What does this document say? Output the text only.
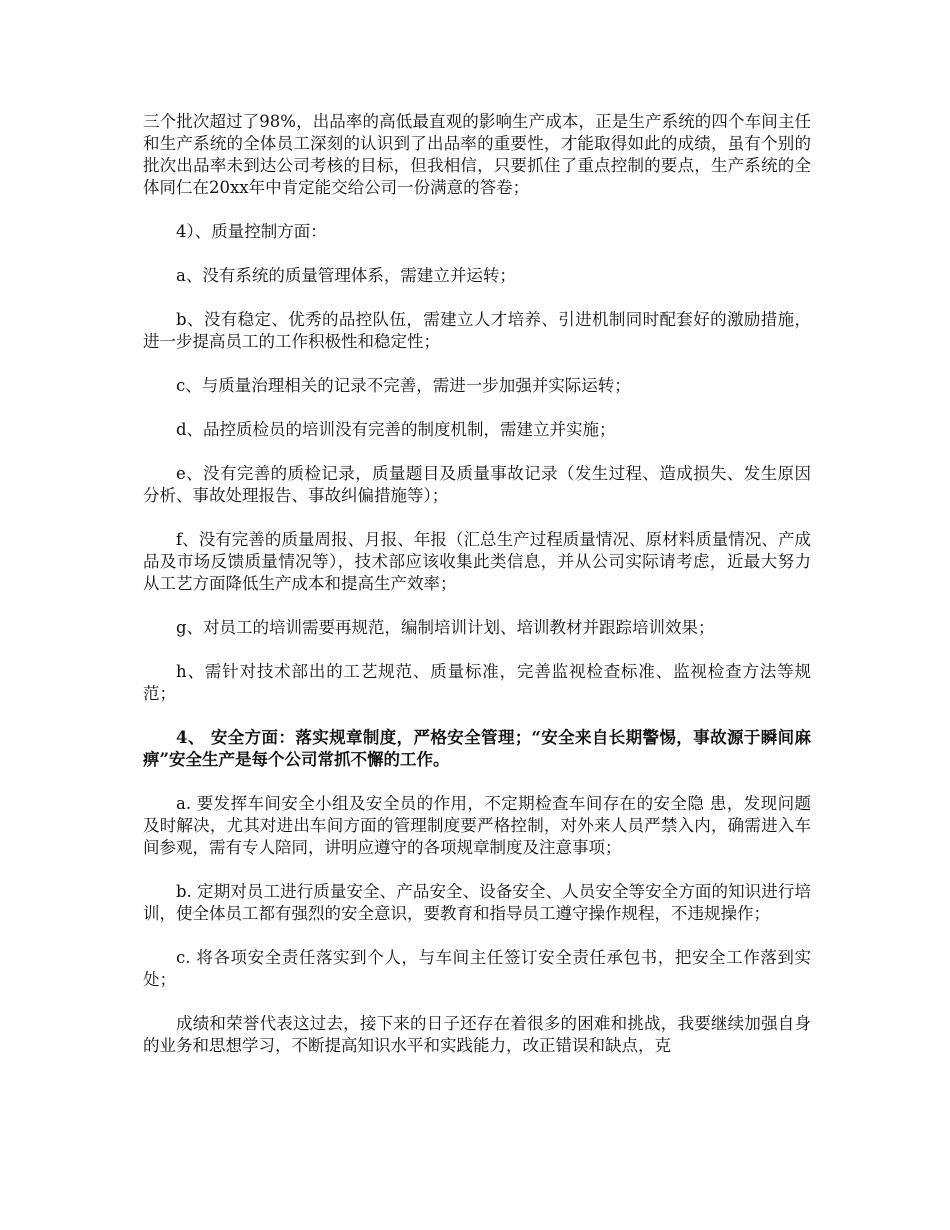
三个批次超过了98%，出品率的高低最直观的影响生产成本，正是生产系统的四个车间主任和生产系统的全体员工深刻的认识到了出品率的重要性，才能取得如此的成绩，虽有个别的批次出品率未到达公司考核的目标，但我相信，只要抓住了重点控制的要点，生产系统的全体同仁在20xx年中肯定能交给公司一份满意的答卷；

4）、质量控制方面：

a、没有系统的质量管理体系，需建立并运转；

b、没有稳定、优秀的品控队伍，需建立人才培养、引进机制同时配套好的激励措施，进一步提高员工的工作积极性和稳定性；

c、与质量治理相关的记录不完善，需进一步加强并实际运转；

d、品控质检员的培训没有完善的制度机制，需建立并实施；

e、没有完善的质检记录，质量题目及质量事故记录（发生过程、造成损失、发生原因分析、事故处理报告、事故纠偏措施等）；

f、没有完善的质量周报、月报、年报（汇总生产过程质量情况、原材料质量情况、产成品及市场反馈质量情况等），技术部应该收集此类信息，并从公司实际请考虑，近最大努力从工艺方面降低生产成本和提高生产效率；

g、对员工的培训需要再规范，编制培训计划、培训教材并跟踪培训效果；

h、需针对技术部出的工艺规范、质量标准，完善监视检查标准、监视检查方法等规范；

4、 安全方面：落实规章制度，严格安全管理；“安全来自长期警惕，事故源于瞬间麻痹”安全生产是每个公司常抓不懈的工作。

a. 要发挥车间安全小组及安全员的作用，不定期检查车间存在的安全隐 患，发现问题及时解决，尤其对进出车间方面的管理制度要严格控制，对外来人员严禁入内，确需进入车间参观，需有专人陪同，讲明应遵守的各项规章制度及注意事项；

b. 定期对员工进行质量安全、产品安全、设备安全、人员安全等安全方面的知识进行培训，使全体员工都有强烈的安全意识，要教育和指导员工遵守操作规程，不违规操作；

c. 将各项安全责任落实到个人，与车间主任签订安全责任承包书，把安全工作落到实处；

成绩和荣誉代表这过去，接下来的日子还存在着很多的困难和挑战，我要继续加强自身的业务和思想学习，不断提高知识水平和实践能力，改正错误和缺点，克
